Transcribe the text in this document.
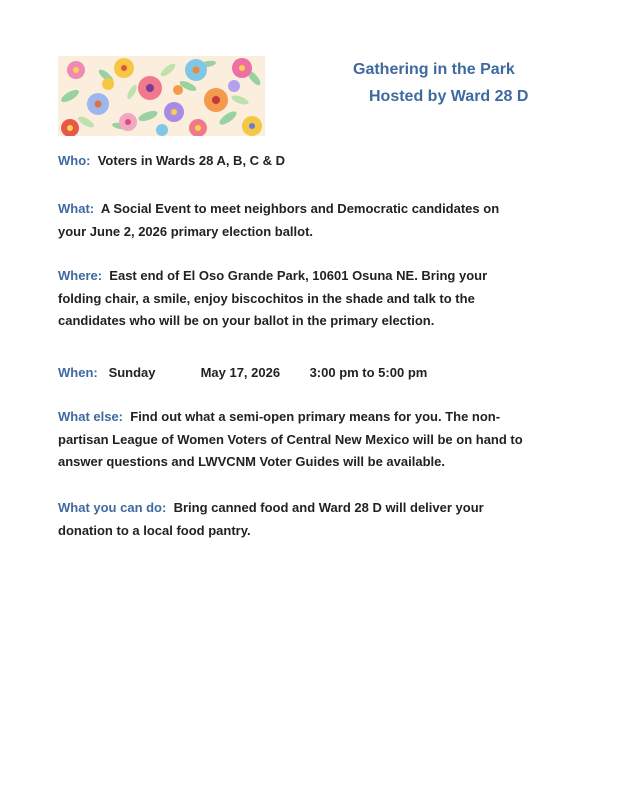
Gathering in the Park
Hosted by Ward 28 D
Who: Voters in Wards 28 A, B, C & D
What: A Social Event to meet neighbors and Democratic candidates on your June 2, 2026 primary election ballot.
Where: East end of El Oso Grande Park, 10601 Osuna NE. Bring your folding chair, a smile, enjoy biscochitos in the shade and talk to the candidates who will be on your ballot in the primary election.
When: Sunday	May 17, 2026 3:00 pm to 5:00 pm
What else: Find out what a semi-open primary means for you. The non-partisan League of Women Voters of Central New Mexico will be on hand to answer questions and LWVCNM Voter Guides will be available.
What you can do: Bring canned food and Ward 28 D will deliver your donation to a local food pantry.
